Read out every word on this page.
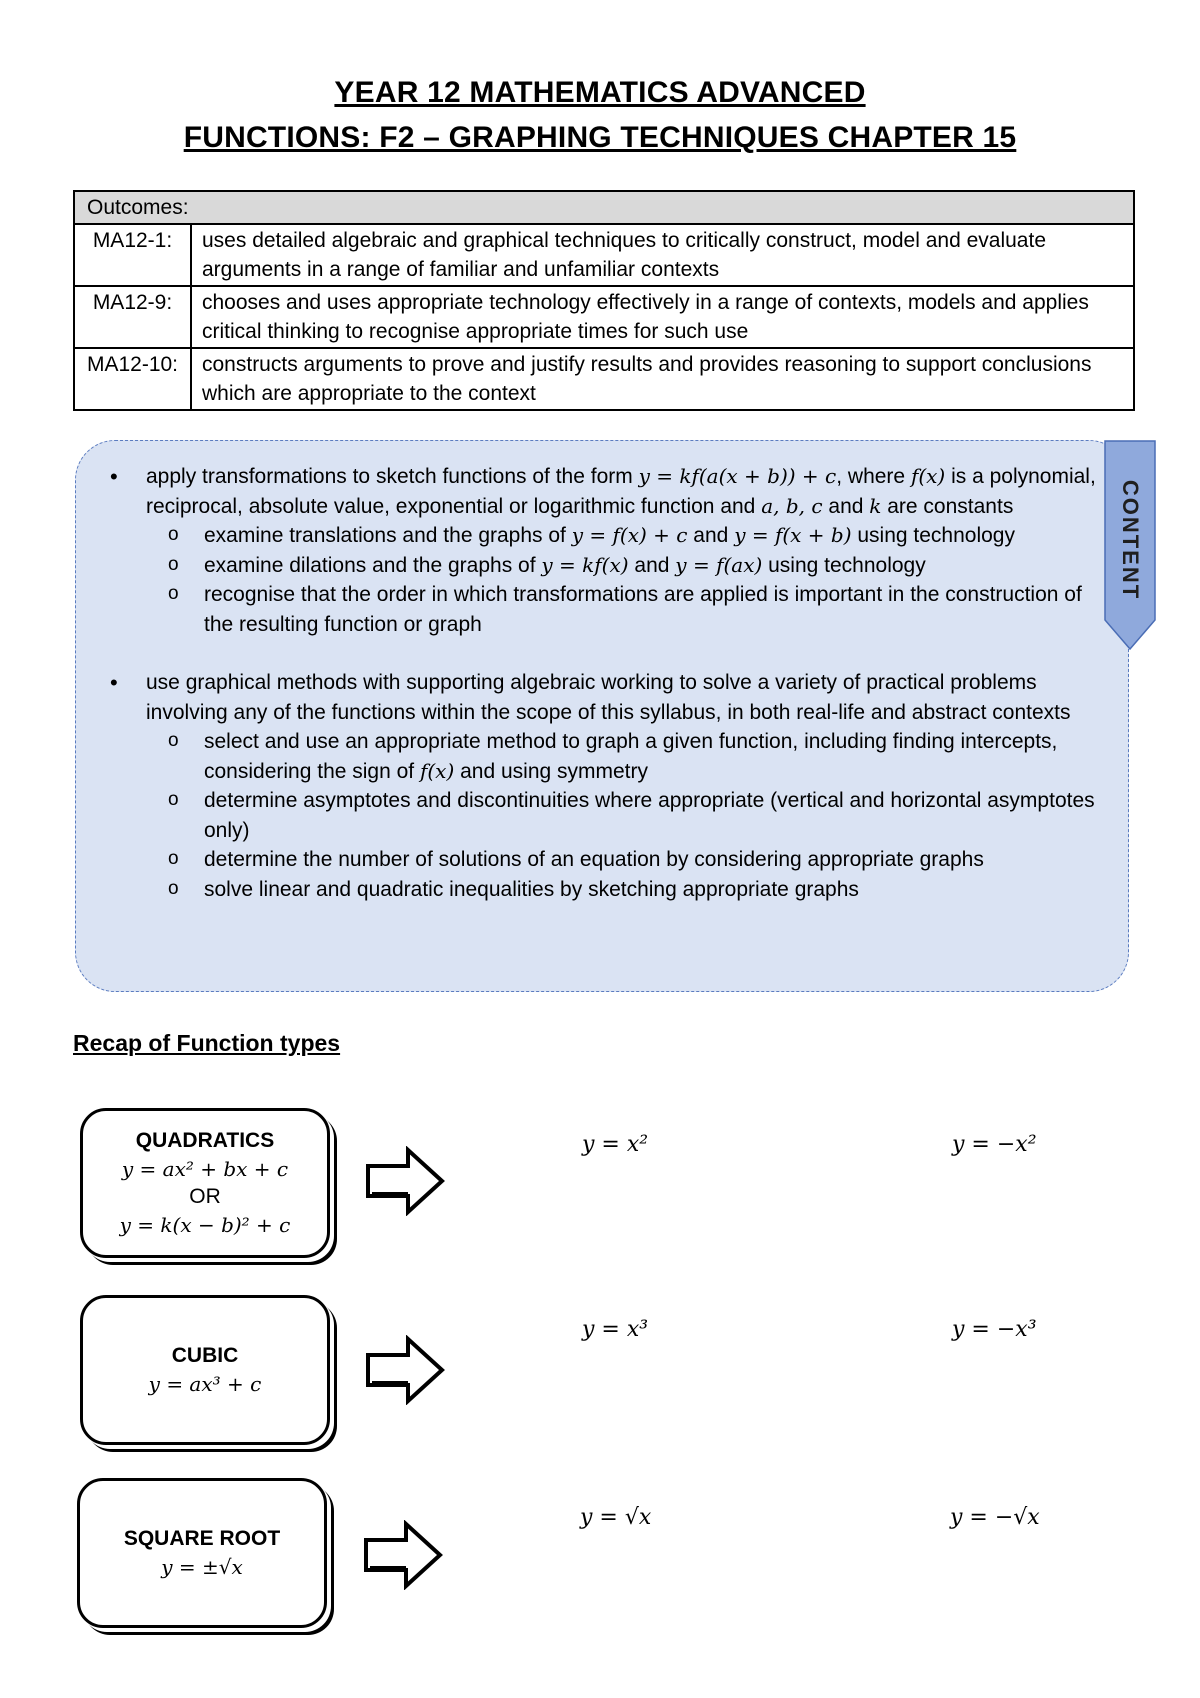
YEAR 12 MATHEMATICS ADVANCED
FUNCTIONS: F2 – GRAPHING TECHNIQUES CHAPTER 15
Outcomes:	
MA12-1:	uses detailed algebraic and graphical techniques to critically construct, model and evaluate arguments in a range of familiar and unfamiliar contexts
MA12-9:	chooses and uses appropriate technology effectively in a range of contexts, models and applies critical thinking to recognise appropriate times for such use
MA12-10:	constructs arguments to prove and justify results and provides reasoning to support conclusions which are appropriate to the context
CONTENT
• apply transformations to sketch functions of the form y = kf(a(x + b)) + c, where f(x) is a polynomial, reciprocal, absolute value, exponential or logarithmic function and a, b, c and k are constants
o examine translations and the graphs of y = f(x) + c and y = f(x + b) using technology
o examine dilations and the graphs of y = kf(x) and y = f(ax) using technology
o recognise that the order in which transformations are applied is important in the construction of the resulting function or graph
• use graphical methods with supporting algebraic working to solve a variety of practical problems involving any of the functions within the scope of this syllabus, in both real-life and abstract contexts
o select and use an appropriate method to graph a given function, including finding intercepts, considering the sign of f(x) and using symmetry
o determine asymptotes and discontinuities where appropriate (vertical and horizontal asymptotes only)
o determine the number of solutions of an equation by considering appropriate graphs
o solve linear and quadratic inequalities by sketching appropriate graphs
Recap of Function types
QUADRATICS
y = ax² + bx + c
OR
y = k(x − b)² + c
y = x²	y = −x²
CUBIC
y = ax³ + c
y = x³	y = −x³
SQUARE ROOT
y = ±√x
y = √x	y = −√x
